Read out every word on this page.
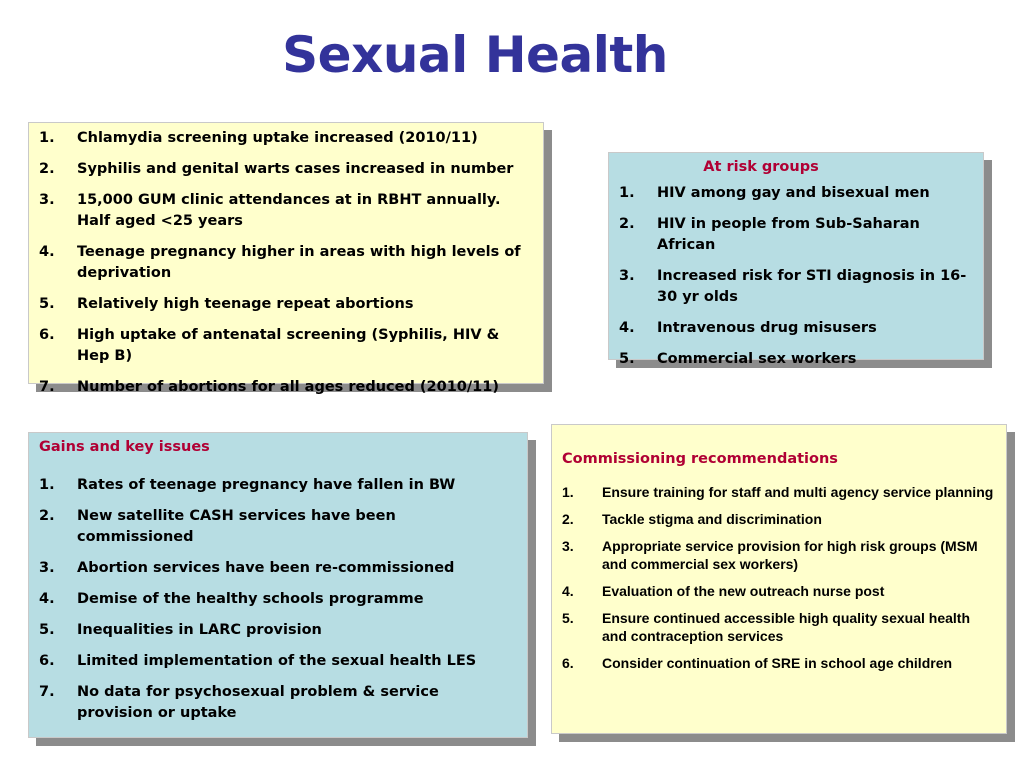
Sexual Health
1. Chlamydia screening uptake increased (2010/11)
2. Syphilis and genital warts cases increased in number
3. 15,000 GUM clinic attendances at in RBHT annually. Half aged <25 years
4. Teenage pregnancy higher in areas with high levels of deprivation
5. Relatively high teenage repeat abortions
6. High uptake of antenatal screening (Syphilis, HIV & Hep B)
7. Number of abortions for all ages reduced (2010/11)
At risk groups
1. HIV among gay and bisexual men
2. HIV in people from Sub-Saharan African
3. Increased risk for STI diagnosis in 16-30 yr olds
4. Intravenous drug misusers
5. Commercial sex workers
Gains and key issues
1. Rates of teenage pregnancy have fallen in BW
2. New satellite CASH services have been commissioned
3. Abortion services have been re-commissioned
4. Demise of the healthy schools programme
5. Inequalities in LARC provision
6. Limited implementation of the sexual health LES
7. No data for psychosexual problem & service provision or uptake
Commissioning recommendations
1. Ensure training for staff and multi agency service planning
2. Tackle stigma and discrimination
3. Appropriate service provision for high risk groups (MSM and commercial sex workers)
4. Evaluation of the new outreach nurse post
5. Ensure continued accessible high quality sexual health and contraception services
6. Consider continuation of SRE in school age children
